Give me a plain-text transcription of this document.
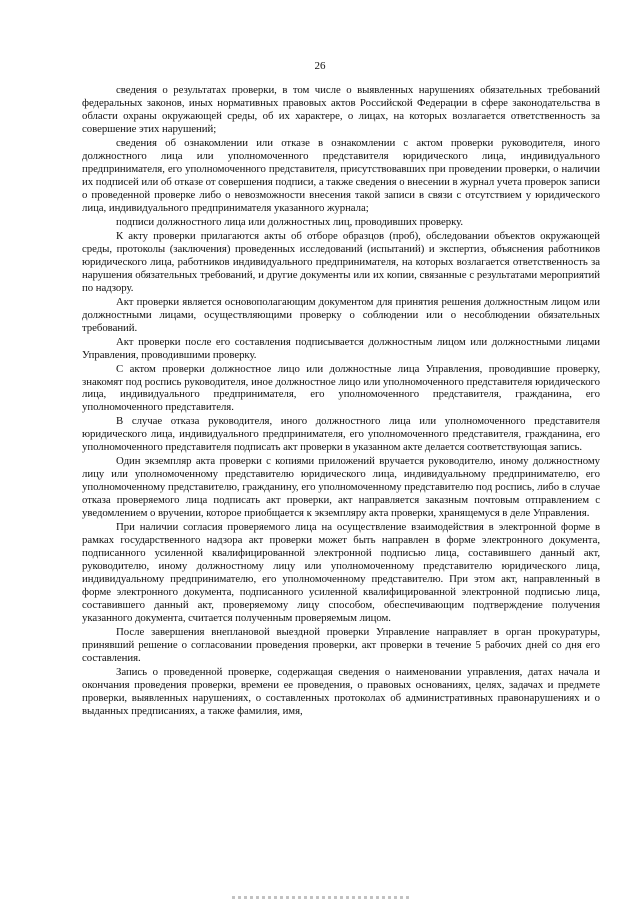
26

сведения о результатах проверки, в том числе о выявленных нарушениях обязательных требований федеральных законов, иных нормативных правовых актов Российской Федерации в сфере законодательства в области охраны окружающей среды, об их характере, о лицах, на которых возлагается ответственность за совершение этих нарушений;

сведения об ознакомлении или отказе в ознакомлении с актом проверки руководителя, иного должностного лица или уполномоченного представителя юридического лица, индивидуального предпринимателя, его уполномоченного представителя, присутствовавших при проведении проверки, о наличии их подписей или об отказе от совершения подписи, а также сведения о внесении в журнал учета проверок записи о проведенной проверке либо о невозможности внесения такой записи в связи с отсутствием у юридического лица, индивидуального предпринимателя указанного журнала;

подписи должностного лица или должностных лиц, проводивших проверку.

К акту проверки прилагаются акты об отборе образцов (проб), обследовании объектов окружающей среды, протоколы (заключения) проведенных исследований (испытаний) и экспертиз, объяснения работников юридического лица, работников индивидуального предпринимателя, на которых возлагается ответственность за нарушения обязательных требований, и другие документы или их копии, связанные с результатами мероприятий по надзору.

Акт проверки является основополагающим документом для принятия решения должностным лицом или должностными лицами, осуществляющими проверку о соблюдении или о несоблюдении обязательных требований.

Акт проверки после его составления подписывается должностным лицом или должностными лицами Управления, проводившими проверку.

С актом проверки должностное лицо или должностные лица Управления, проводившие проверку, знакомят под роспись руководителя, иное должностное лицо или уполномоченного представителя юридического лица, индивидуального предпринимателя, его уполномоченного представителя, гражданина, его уполномоченного представителя.

В случае отказа руководителя, иного должностного лица или уполномоченного представителя юридического лица, индивидуального предпринимателя, его уполномоченного представителя, гражданина, его уполномоченного представителя подписать акт проверки в указанном акте делается соответствующая запись.

Один экземпляр акта проверки с копиями приложений вручается руководителю, иному должностному лицу или уполномоченному представителю юридического лица, индивидуальному предпринимателю, его уполномоченному представителю, гражданину, его уполномоченному представителю под роспись, либо в случае отказа проверяемого лица подписать акт проверки, акт направляется заказным почтовым отправлением с уведомлением о вручении, которое приобщается к экземпляру акта проверки, хранящемуся в деле Управления.

При наличии согласия проверяемого лица на осуществление взаимодействия в электронной форме в рамках государственного надзора акт проверки может быть направлен в форме электронного документа, подписанного усиленной квалифицированной электронной подписью лица, составившего данный акт, руководителю, иному должностному лицу или уполномоченному представителю юридического лица, индивидуальному предпринимателю, его уполномоченному представителю. При этом акт, направленный в форме электронного документа, подписанного усиленной квалифицированной электронной подписью лица, составившего данный акт, проверяемому лицу способом, обеспечивающим подтверждение получения указанного документа, считается полученным проверяемым лицом.

После завершения внеплановой выездной проверки Управление направляет в орган прокуратуры, принявший решение о согласовании проведения проверки, акт проверки в течение 5 рабочих дней со дня его составления.

Запись о проведенной проверке, содержащая сведения о наименовании управления, датах начала и окончания проведения проверки, времени ее проведения, о правовых основаниях, целях, задачах и предмете проверки, выявленных нарушениях, о составленных протоколах об административных правонарушениях и о выданных предписаниях, а также фамилия, имя,
